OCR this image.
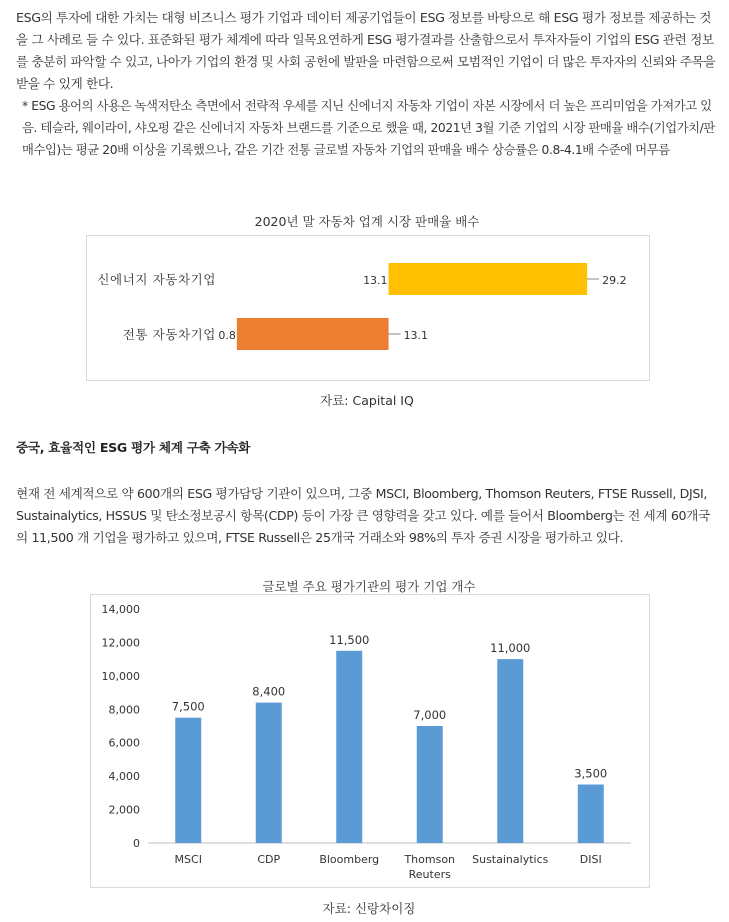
ESG의 투자에 대한 가치는 대형 비즈니스 평가 기업과 데이터 제공기업들이 ESG 정보를 바탕으로 해 ESG 평가 정보를 제공하는 것을 그 사례로 들 수 있다. 표준화된 평가 체계에 따라 일목요연하게 ESG 평가결과를 산출함으로서 투자자들이 기업의 ESG 관련 정보를 충분히 파악할 수 있고, 나아가 기업의 환경 및 사회 공헌에 발판을 마련함으로써 모범적인 기업이 더 많은 투자자의 신뢰와 주목을 받을 수 있게 한다.
* ESG 용어의 사용은 녹색저탄소 측면에서 전략적 우세를 지닌 신에너지 자동차 기업이 자본 시장에서 더 높은 프리미엄을 가져가고 있음. 테슬라, 웨이라이, 샤오펑 같은 신에너지 자동차 브랜드를 기준으로 했을 때, 2021년 3월 기준 기업의 시장 판매율 배수(기업가치/판매수입)는 평균 20배 이상을 기록했으나, 같은 기간 전통 글로벌 자동차 기업의 판매율 배수 상승률은 0.8-4.1배 수준에 머무름
2020년 말 자동차 업계 시장 판매율 배수
신에너지 자동차기업	13.1	29.2
전통 자동차기업 0.8	13.1
자료: Capital IQ
중국, 효율적인 ESG 평가 체계 구축 가속화
현재 전 세계적으로 약 600개의 ESG 평가담당 기관이 있으며, 그중 MSCI, Bloomberg, Thomson Reuters, FTSE Russell, DJSI, Sustainalytics, HSSUS 및 탄소정보공시 항목(CDP) 등이 가장 큰 영향력을 갖고 있다. 예를 들어서 Bloomberg는 전 세계 60개국의 11,500 개 기업을 평가하고 있으며, FTSE Russell은 25개국 거래소와 98%의 투자 증권 시장을 평가하고 있다.
글로벌 주요 평가기관의 평가 기업 개수
0
2,000
4,000
6,000
8,000
10,000
12,000
14,000
7,500
MSCI
8,400
CDP
11,500
Bloomberg
7,000
Thomson
Reuters
11,000
Sustainalytics
3,500
DISI
자료: 신랑차이징
